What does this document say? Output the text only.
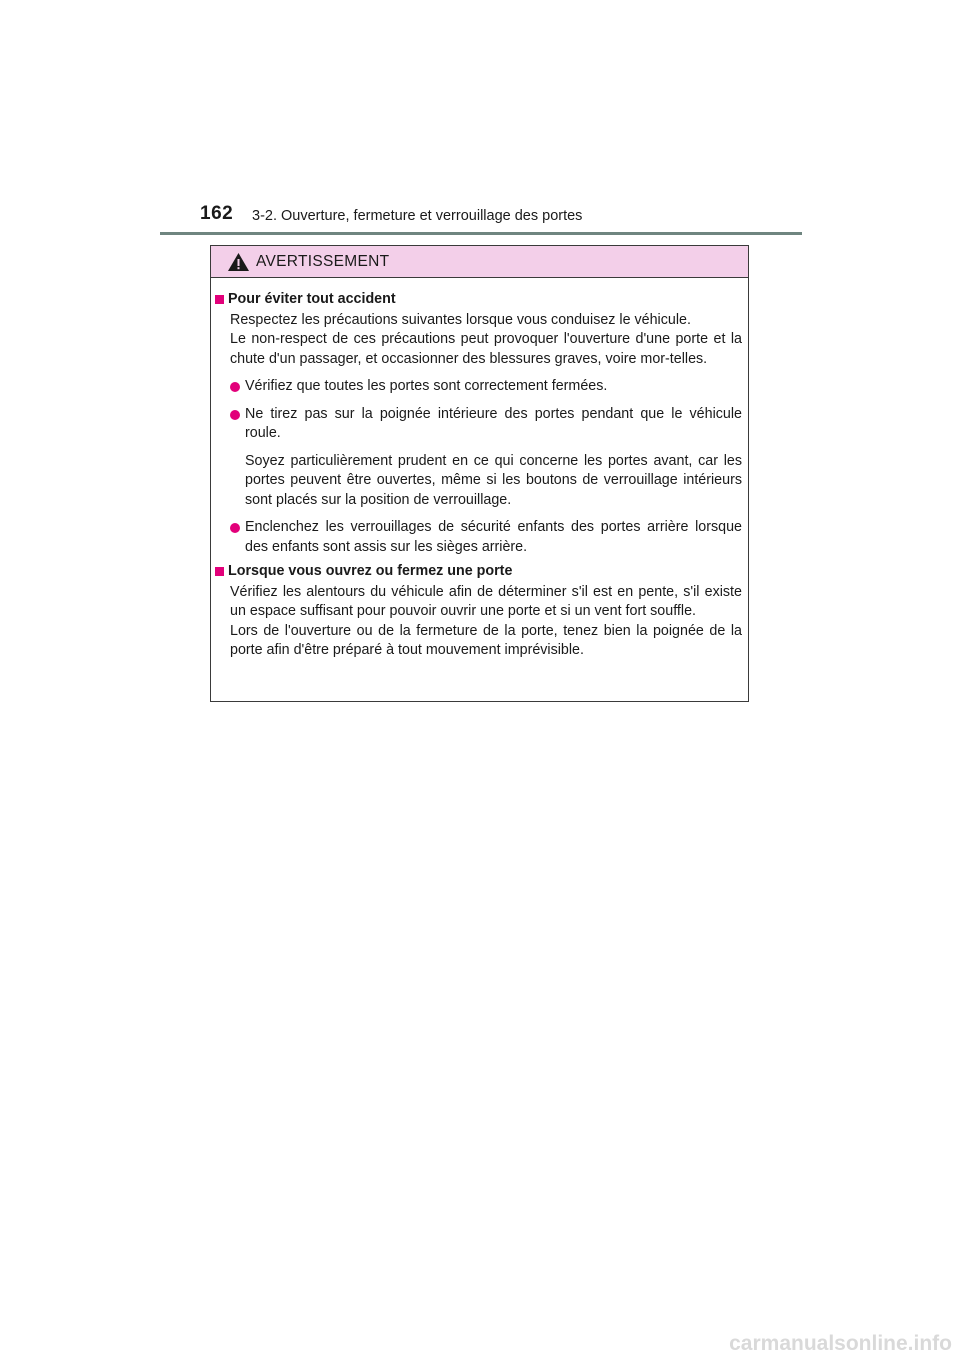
162 3-2. Ouverture, fermeture et verrouillage des portes
AVERTISSEMENT
Pour éviter tout accident
Respectez les précautions suivantes lorsque vous conduisez le véhicule.
Le non-respect de ces précautions peut provoquer l'ouverture d'une porte et la chute d'un passager, et occasionner des blessures graves, voire mor-telles.
Vérifiez que toutes les portes sont correctement fermées.
Ne tirez pas sur la poignée intérieure des portes pendant que le véhicule roule.
Soyez particulièrement prudent en ce qui concerne les portes avant, car les portes peuvent être ouvertes, même si les boutons de verrouillage intérieurs sont placés sur la position de verrouillage.
Enclenchez les verrouillages de sécurité enfants des portes arrière lorsque des enfants sont assis sur les sièges arrière.
Lorsque vous ouvrez ou fermez une porte
Vérifiez les alentours du véhicule afin de déterminer s'il est en pente, s'il existe un espace suffisant pour pouvoir ouvrir une porte et si un vent fort souffle.
Lors de l'ouverture ou de la fermeture de la porte, tenez bien la poignée de la porte afin d'être préparé à tout mouvement imprévisible.
carmanualsonline.info
